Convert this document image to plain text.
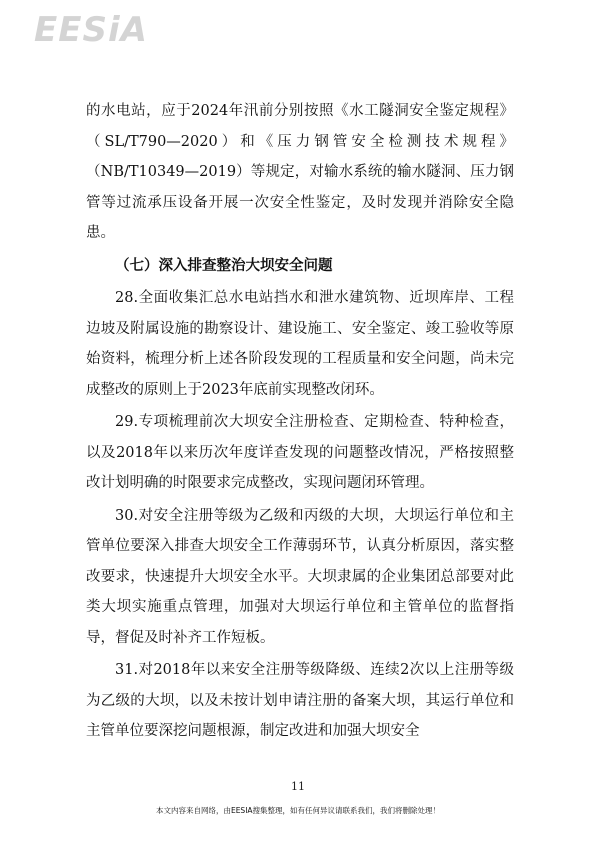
EESiA

的水电站，应于2024年汛前分别按照《水工隧洞安全鉴定规程》（SL/T790—2020）和《压力钢管安全检测技术规程》（NB/T10349—2019）等规定，对输水系统的输水隧洞、压力钢管等过流承压设备开展一次安全性鉴定，及时发现并消除安全隐患。

（七）深入排查整治大坝安全问题

28.全面收集汇总水电站挡水和泄水建筑物、近坝库岸、工程边坡及附属设施的勘察设计、建设施工、安全鉴定、竣工验收等原始资料，梳理分析上述各阶段发现的工程质量和安全问题，尚未完成整改的原则上于2023年底前实现整改闭环。

29.专项梳理前次大坝安全注册检查、定期检查、特种检查，以及2018年以来历次年度详查发现的问题整改情况，严格按照整改计划明确的时限要求完成整改，实现问题闭环管理。

30.对安全注册等级为乙级和丙级的大坝，大坝运行单位和主管单位要深入排查大坝安全工作薄弱环节，认真分析原因，落实整改要求，快速提升大坝安全水平。大坝隶属的企业集团总部要对此类大坝实施重点管理，加强对大坝运行单位和主管单位的监督指导，督促及时补齐工作短板。

31.对2018年以来安全注册等级降级、连续2次以上注册等级为乙级的大坝，以及未按计划申请注册的备案大坝，其运行单位和主管单位要深挖问题根源，制定改进和加强大坝安全

11
本文内容来自网络，由EESIA搜集整理，如有任何异议请联系我们，我们将删除处理！
